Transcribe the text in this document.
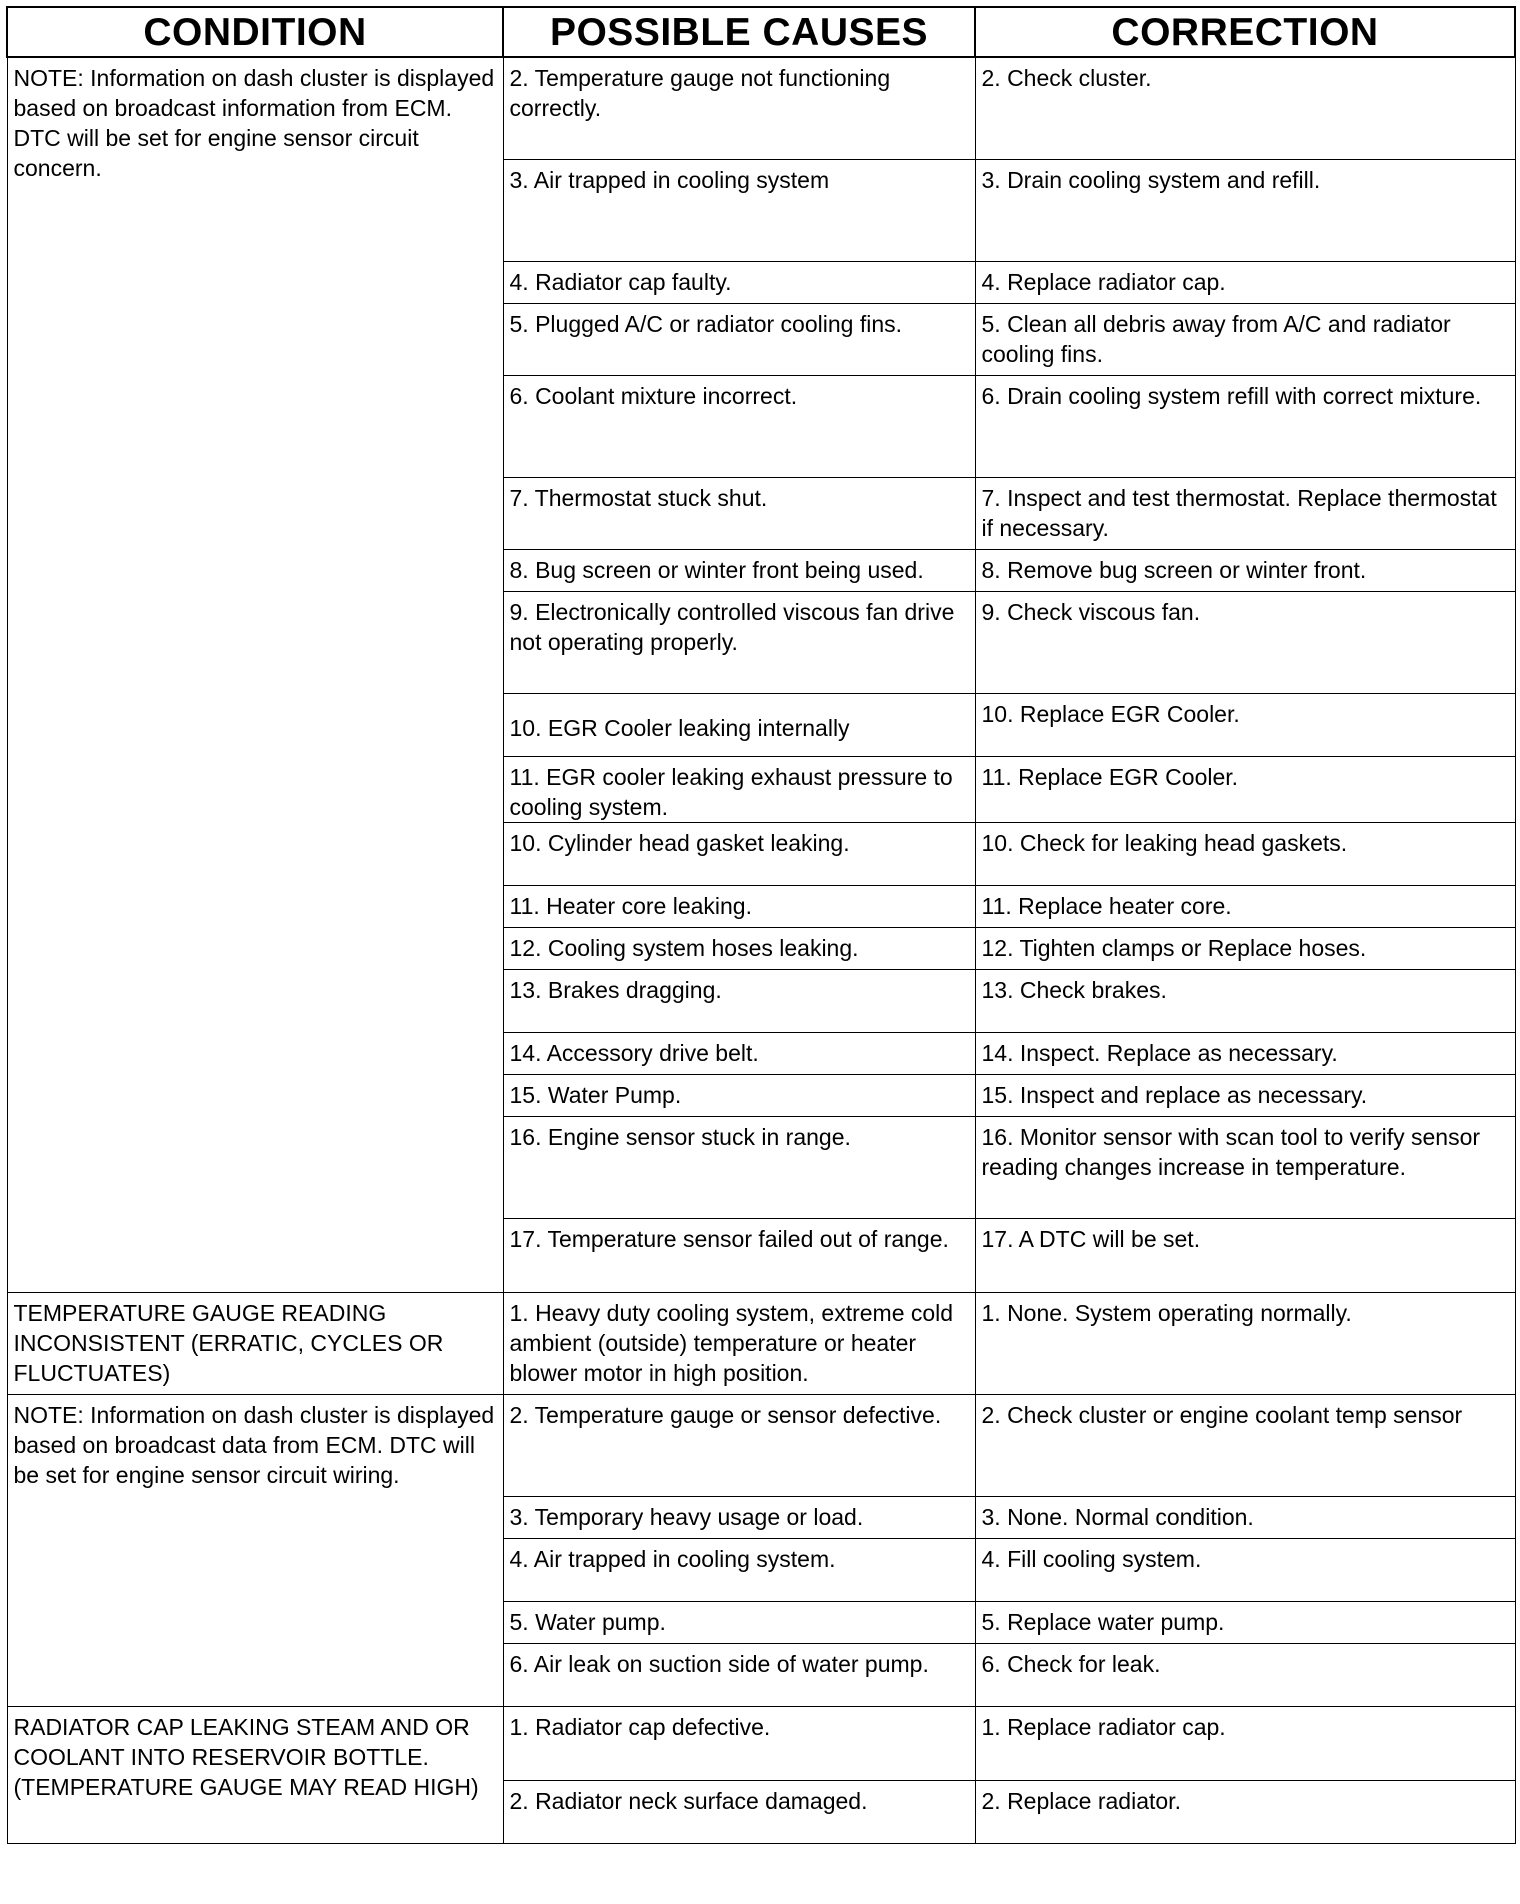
CONDITION	POSSIBLE CAUSES	CORRECTION
NOTE: Information on dash cluster is displayed based on broadcast information from ECM. DTC will be set for engine sensor circuit concern.	2. Temperature gauge not functioning correctly.	2. Check cluster.
	3. Air trapped in cooling system	3. Drain cooling system and refill.
	4. Radiator cap faulty.	4. Replace radiator cap.
	5. Plugged A/C or radiator cooling fins.	5. Clean all debris away from A/C and radiator cooling fins.
	6. Coolant mixture incorrect.	6. Drain cooling system refill with correct mixture.
	7. Thermostat stuck shut.	7. Inspect and test thermostat. Replace thermostat if necessary.
	8. Bug screen or winter front being used.	8. Remove bug screen or winter front.
	9. Electronically controlled viscous fan drive not operating properly.	9. Check viscous fan.
	10. EGR Cooler leaking internally	10. Replace EGR Cooler.
	11. EGR cooler leaking exhaust pressure to cooling system.	11. Replace EGR Cooler.
	10. Cylinder head gasket leaking.	10. Check for leaking head gaskets.
	11. Heater core leaking.	11. Replace heater core.
	12. Cooling system hoses leaking.	12. Tighten clamps or Replace hoses.
	13. Brakes dragging.	13. Check brakes.
	14. Accessory drive belt.	14. Inspect. Replace as necessary.
	15. Water Pump.	15. Inspect and replace as necessary.
	16. Engine sensor stuck in range.	16. Monitor sensor with scan tool to verify sensor reading changes increase in temperature.
	17. Temperature sensor failed out of range.	17. A DTC will be set.
TEMPERATURE GAUGE READING INCONSISTENT (ERRATIC, CYCLES OR FLUCTUATES)	1. Heavy duty cooling system, extreme cold ambient (outside) temperature or heater blower motor in high position.	1. None. System operating normally.
NOTE: Information on dash cluster is displayed based on broadcast data from ECM. DTC will be set for engine sensor circuit wiring.	2. Temperature gauge or sensor defective.	2. Check cluster or engine coolant temp sensor
	3. Temporary heavy usage or load.	3. None. Normal condition.
	4. Air trapped in cooling system.	4. Fill cooling system.
	5. Water pump.	5. Replace water pump.
	6. Air leak on suction side of water pump.	6. Check for leak.
RADIATOR CAP LEAKING STEAM AND OR COOLANT INTO RESERVOIR BOTTLE. (TEMPERATURE GAUGE MAY READ HIGH)	1. Radiator cap defective.	1. Replace radiator cap.
	2. Radiator neck surface damaged.	2. Replace radiator.
